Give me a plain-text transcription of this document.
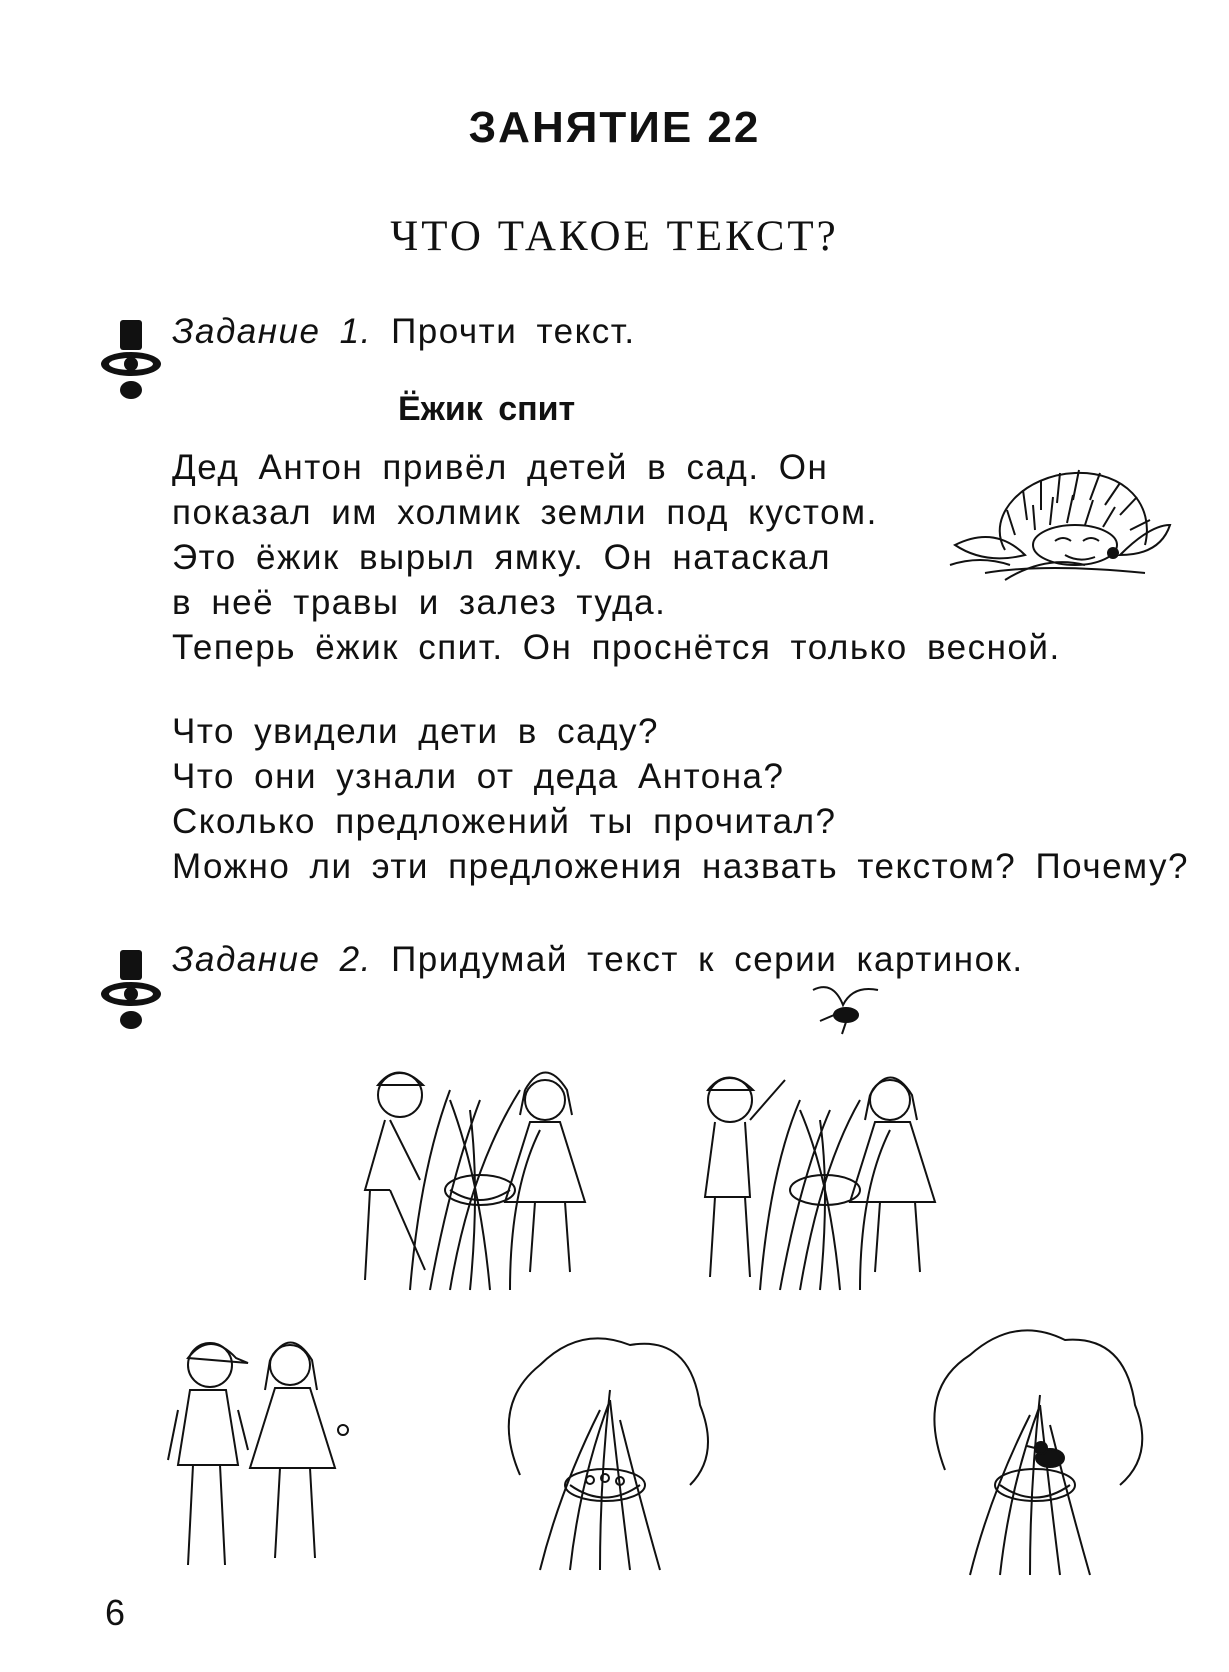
ЗАНЯТИЕ 22
ЧТО ТАКОЕ ТЕКСТ?
Задание 1. Прочти текст.
Ёжик спит
Дед Антон привёл детей в сад. Он
показал им холмик земли под кустом.
Это ёжик вырыл ямку. Он натаскал
в неё травы и залез туда.
Теперь ёжик спит. Он проснётся только весной.
Что увидели дети в саду?
Что они узнали от деда Антона?
Сколько предложений ты прочитал?
Можно ли эти предложения назвать текстом? Почему?
Задание 2. Придумай текст к серии картинок.
6
